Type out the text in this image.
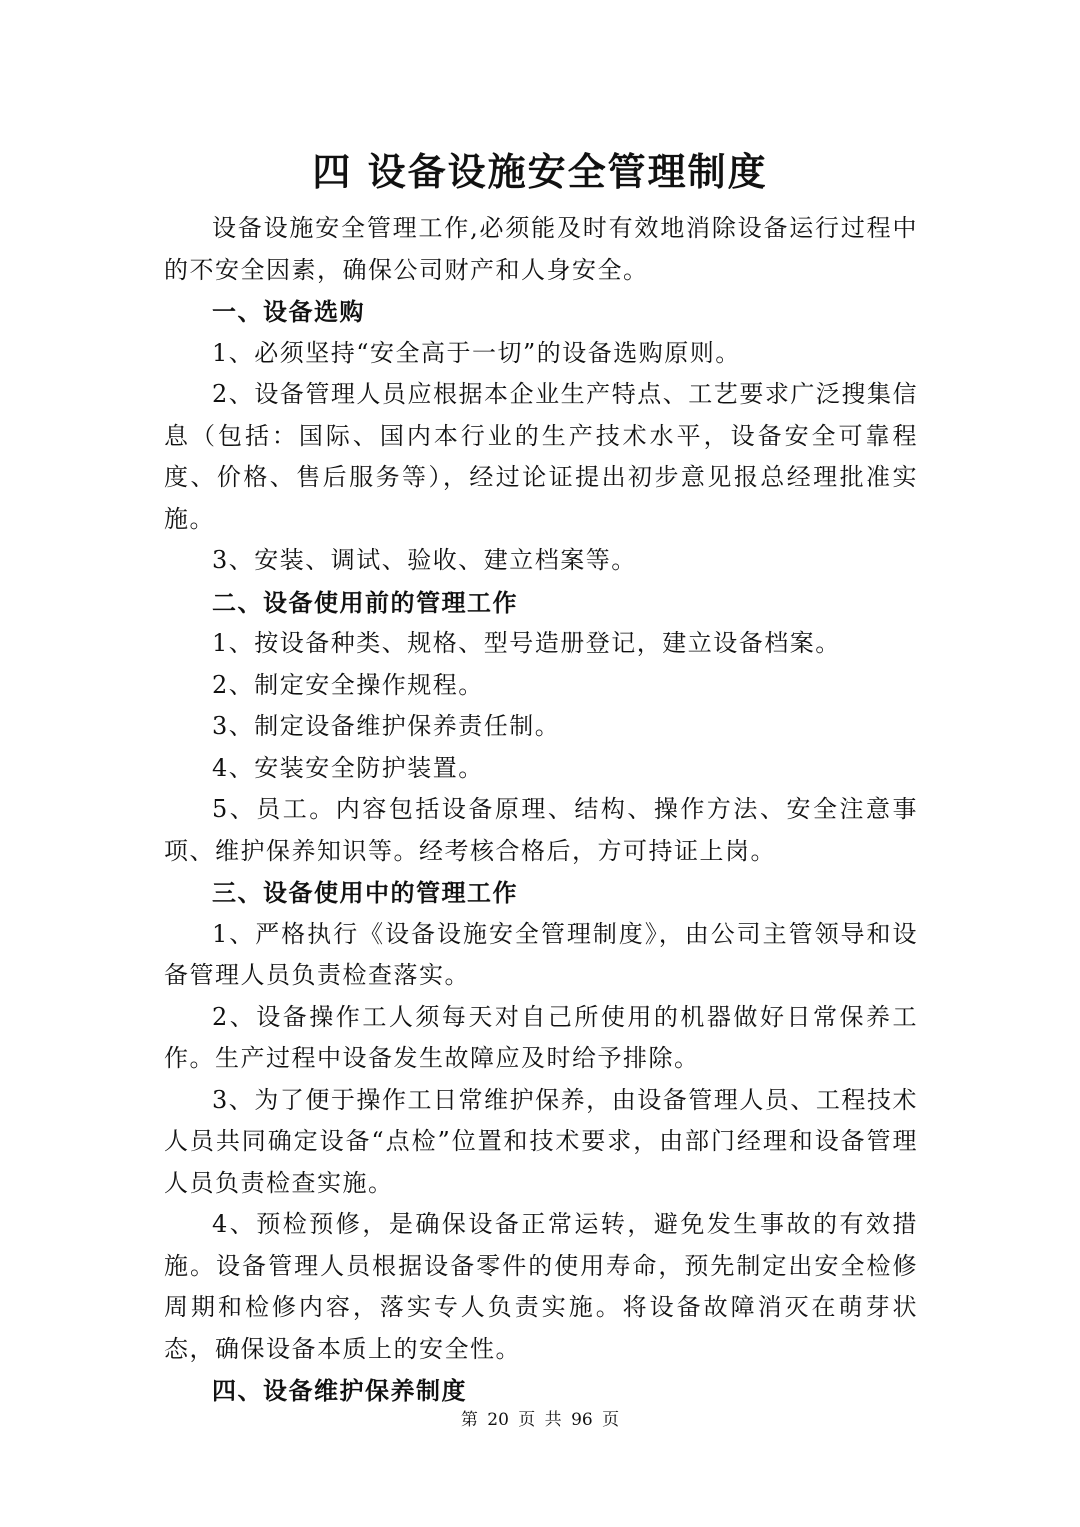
四 设备设施安全管理制度

设备设施安全管理工作,必须能及时有效地消除设备运行过程中的不安全因素，确保公司财产和人身安全。

一、设备选购

1、必须坚持“安全高于一切”的设备选购原则。

2、设备管理人员应根据本企业生产特点、工艺要求广泛搜集信息（包括：国际、国内本行业的生产技术水平，设备安全可靠程度、价格、售后服务等），经过论证提出初步意见报总经理批准实施。

3、安装、调试、验收、建立档案等。

二、设备使用前的管理工作

1、按设备种类、规格、型号造册登记，建立设备档案。

2、制定安全操作规程。

3、制定设备维护保养责任制。

4、安装安全防护装置。

5、员工。内容包括设备原理、结构、操作方法、安全注意事项、维护保养知识等。经考核合格后，方可持证上岗。

三、设备使用中的管理工作

1、严格执行《设备设施安全管理制度》，由公司主管领导和设备管理人员负责检查落实。

2、设备操作工人须每天对自己所使用的机器做好日常保养工作。生产过程中设备发生故障应及时给予排除。

3、为了便于操作工日常维护保养，由设备管理人员、工程技术人员共同确定设备“点检”位置和技术要求，由部门经理和设备管理人员负责检查实施。

4、预检预修，是确保设备正常运转，避免发生事故的有效措施。设备管理人员根据设备零件的使用寿命，预先制定出安全检修周期和检修内容，落实专人负责实施。将设备故障消灭在萌芽状态，确保设备本质上的安全性。

四、设备维护保养制度

第 20 页 共 96 页
